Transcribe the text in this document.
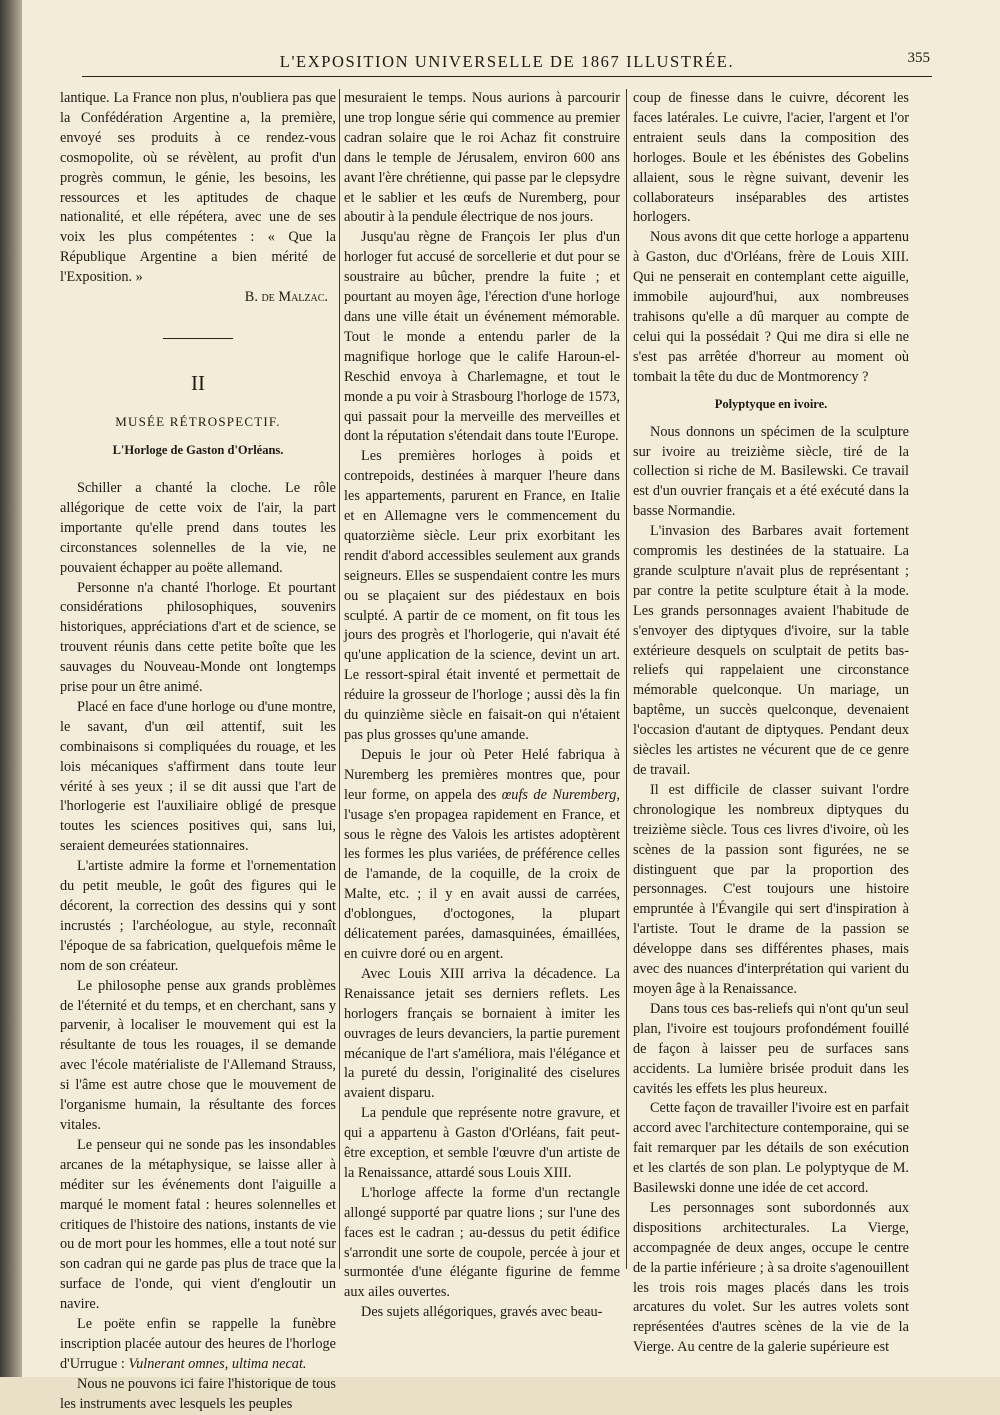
L'EXPOSITION UNIVERSELLE DE 1867 ILLUSTRÉE.	355

lantique. La France non plus, n'oubliera pas que la Confédération Argentine a, la première, envoyé ses produits à ce rendez-vous cosmopolite, où se révèlent, au profit d'un progrès commun, le génie, les besoins, les ressources et les aptitudes de chaque nationalité, et elle répétera, avec une de ses voix les plus compétentes : « Que la République Argentine a bien mérité de l'Exposition. »

B. de Malzac.

II
MUSÉE RÉTROSPECTIF.
L'Horloge de Gaston d'Orléans.

Schiller a chanté la cloche. Le rôle allégorique de cette voix de l'air, la part importante qu'elle prend dans toutes les circonstances solennelles de la vie, ne pouvaient échapper au poëte allemand.

Personne n'a chanté l'horloge. Et pourtant considérations philosophiques, souvenirs historiques, appréciations d'art et de science, se trouvent réunis dans cette petite boîte que les sauvages du Nouveau-Monde ont longtemps prise pour un être animé.

Placé en face d'une horloge ou d'une montre, le savant, d'un œil attentif, suit les combinaisons si compliquées du rouage, et les lois mécaniques s'affirment dans toute leur vérité à ses yeux ; il se dit aussi que l'art de l'horlogerie est l'auxiliaire obligé de presque toutes les sciences positives qui, sans lui, seraient demeurées stationnaires.

L'artiste admire la forme et l'ornementation du petit meuble, le goût des figures qui le décorent, la correction des dessins qui y sont incrustés ; l'archéologue, au style, reconnaît l'époque de sa fabrication, quelquefois même le nom de son créateur.

Le philosophe pense aux grands problèmes de l'éternité et du temps, et en cherchant, sans y parvenir, à localiser le mouvement qui est la résultante de tous les rouages, il se demande avec l'école matérialiste de l'Allemand Strauss, si l'âme est autre chose que le mouvement de l'organisme humain, la résultante des forces vitales.

Le penseur qui ne sonde pas les insondables arcanes de la métaphysique, se laisse aller à méditer sur les événements dont l'aiguille a marqué le moment fatal : heures solennelles et critiques de l'histoire des nations, instants de vie ou de mort pour les hommes, elle a tout noté sur son cadran qui ne garde pas plus de trace que la surface de l'onde, qui vient d'engloutir un navire.

Le poëte enfin se rappelle la funèbre inscription placée autour des heures de l'horloge d'Urrugue : Vulnerant omnes, ultima necat.

Nous ne pouvons ici faire l'historique de tous les instruments avec lesquels les peuples

mesuraient le temps. Nous aurions à parcourir une trop longue série qui commence au premier cadran solaire que le roi Achaz fit construire dans le temple de Jérusalem, environ 600 ans avant l'ère chrétienne, qui passe par le clepsydre et le sablier et les œufs de Nuremberg, pour aboutir à la pendule électrique de nos jours.

Jusqu'au règne de François Ier plus d'un horloger fut accusé de sorcellerie et dut pour se soustraire au bûcher, prendre la fuite ; et pourtant au moyen âge, l'érection d'une horloge dans une ville était un événement mémorable. Tout le monde a entendu parler de la magnifique horloge que le calife Haroun-el-Reschid envoya à Charlemagne, et tout le monde a pu voir à Strasbourg l'horloge de 1573, qui passait pour la merveille des merveilles et dont la réputation s'étendait dans toute l'Europe.

Les premières horloges à poids et contrepoids, destinées à marquer l'heure dans les appartements, parurent en France, en Italie et en Allemagne vers le commencement du quatorzième siècle. Leur prix exorbitant les rendit d'abord accessibles seulement aux grands seigneurs. Elles se suspendaient contre les murs ou se plaçaient sur des piédestaux en bois sculpté. A partir de ce moment, on fit tous les jours des progrès et l'horlogerie, qui n'avait été qu'une application de la science, devint un art. Le ressort-spiral était inventé et permettait de réduire la grosseur de l'horloge ; aussi dès la fin du quinzième siècle en faisait-on qui n'étaient pas plus grosses qu'une amande.

Depuis le jour où Peter Helé fabriqua à Nuremberg les premières montres que, pour leur forme, on appela des œufs de Nuremberg, l'usage s'en propagea rapidement en France, et sous le règne des Valois les artistes adoptèrent les formes les plus variées, de préférence celles de l'amande, de la coquille, de la croix de Malte, etc. ; il y en avait aussi de carrées, d'oblongues, d'octogones, la plupart délicatement parées, damasquinées, émaillées, en cuivre doré ou en argent.

Avec Louis XIII arriva la décadence. La Renaissance jetait ses derniers reflets. Les horlogers français se bornaient à imiter les ouvrages de leurs devanciers, la partie purement mécanique de l'art s'améliora, mais l'élégance et la pureté du dessin, l'originalité des ciselures avaient disparu.

La pendule que représente notre gravure, et qui a appartenu à Gaston d'Orléans, fait peut-être exception, et semble l'œuvre d'un artiste de la Renaissance, attardé sous Louis XIII.

L'horloge affecte la forme d'un rectangle allongé supporté par quatre lions ; sur l'une des faces est le cadran ; au-dessus du petit édifice s'arrondit une sorte de coupole, percée à jour et surmontée d'une élégante figurine de femme aux ailes ouvertes.

Des sujets allégoriques, gravés avec beau-

coup de finesse dans le cuivre, décorent les faces latérales. Le cuivre, l'acier, l'argent et l'or entraient seuls dans la composition des horloges. Boule et les ébénistes des Gobelins allaient, sous le règne suivant, devenir les collaborateurs inséparables des artistes horlogers.

Nous avons dit que cette horloge a appartenu à Gaston, duc d'Orléans, frère de Louis XIII. Qui ne penserait en contemplant cette aiguille, immobile aujourd'hui, aux nombreuses trahisons qu'elle a dû marquer au compte de celui qui la possédait ? Qui me dira si elle ne s'est pas arrêtée d'horreur au moment où tombait la tête du duc de Montmorency ?

Polyptyque en ivoire.

Nous donnons un spécimen de la sculpture sur ivoire au treizième siècle, tiré de la collection si riche de M. Basilewski. Ce travail est d'un ouvrier français et a été exécuté dans la basse Normandie.

L'invasion des Barbares avait fortement compromis les destinées de la statuaire. La grande sculpture n'avait plus de représentant ; par contre la petite sculpture était à la mode. Les grands personnages avaient l'habitude de s'envoyer des diptyques d'ivoire, sur la table extérieure desquels on sculptait de petits bas-reliefs qui rappelaient une circonstance mémorable quelconque. Un mariage, un baptême, un succès quelconque, devenaient l'occasion d'autant de diptyques. Pendant deux siècles les artistes ne vécurent que de ce genre de travail.

Il est difficile de classer suivant l'ordre chronologique les nombreux diptyques du treizième siècle. Tous ces livres d'ivoire, où les scènes de la passion sont figurées, ne se distinguent que par la proportion des personnages. C'est toujours une histoire empruntée à l'Évangile qui sert d'inspiration à l'artiste. Tout le drame de la passion se développe dans ses différentes phases, mais avec des nuances d'interprétation qui varient du moyen âge à la Renaissance.

Dans tous ces bas-reliefs qui n'ont qu'un seul plan, l'ivoire est toujours profondément fouillé de façon à laisser peu de surfaces sans accidents. La lumière brisée produit dans les cavités les effets les plus heureux.

Cette façon de travailler l'ivoire est en parfait accord avec l'architecture contemporaine, qui se fait remarquer par les détails de son exécution et les clartés de son plan. Le polyptyque de M. Basilewski donne une idée de cet accord.

Les personnages sont subordonnés aux dispositions architecturales. La Vierge, accompagnée de deux anges, occupe le centre de la partie inférieure ; à sa droite s'agenouillent les trois rois mages placés dans les trois arcatures du volet. Sur les autres volets sont représentées d'autres scènes de la vie de la Vierge. Au centre de la galerie supérieure est
